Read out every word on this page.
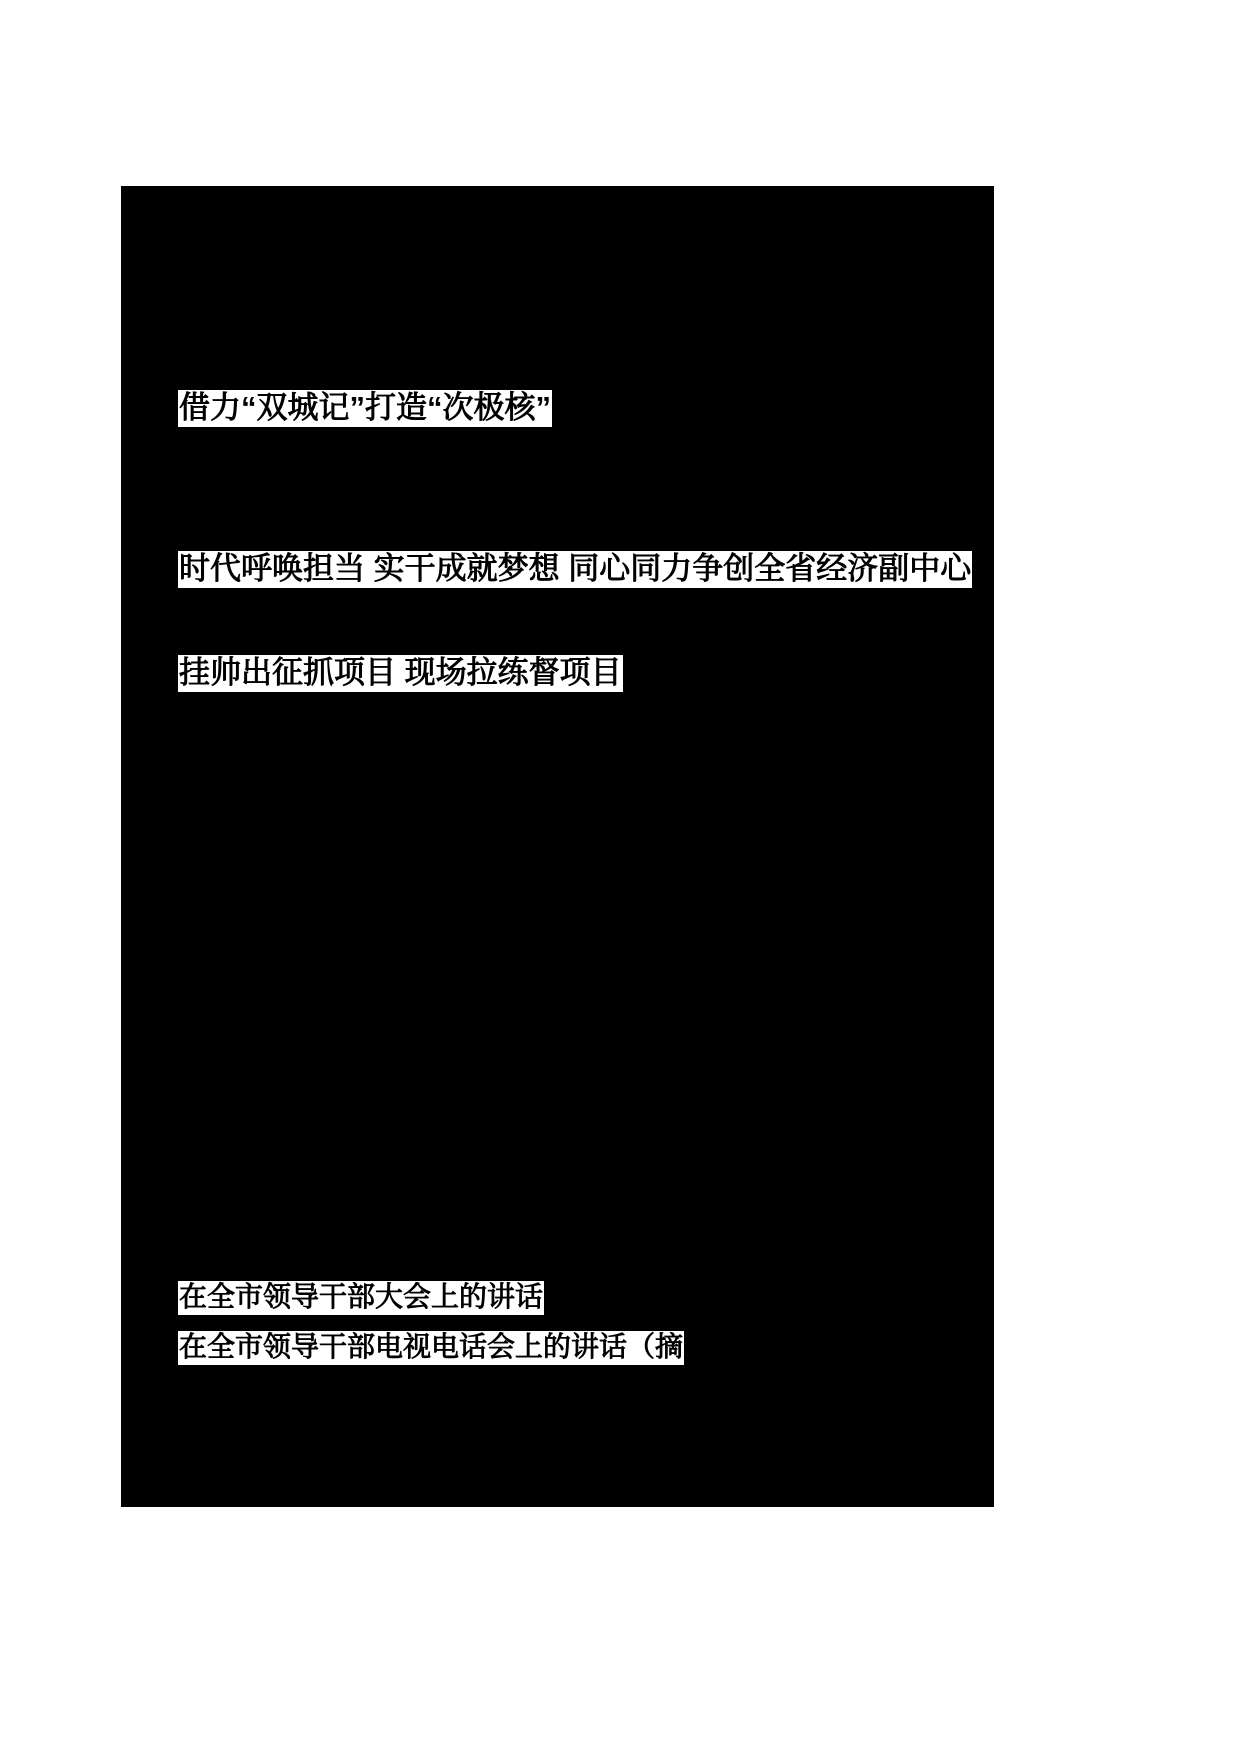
借力“双城记”打造“次极核”
时代呼唤担当 实干成就梦想 同心同力争创全省经济副中心
挂帅出征抓项目 现场拉练督项目
在全市领导干部大会上的讲话
在全市领导干部电视电话会上的讲话（摘
